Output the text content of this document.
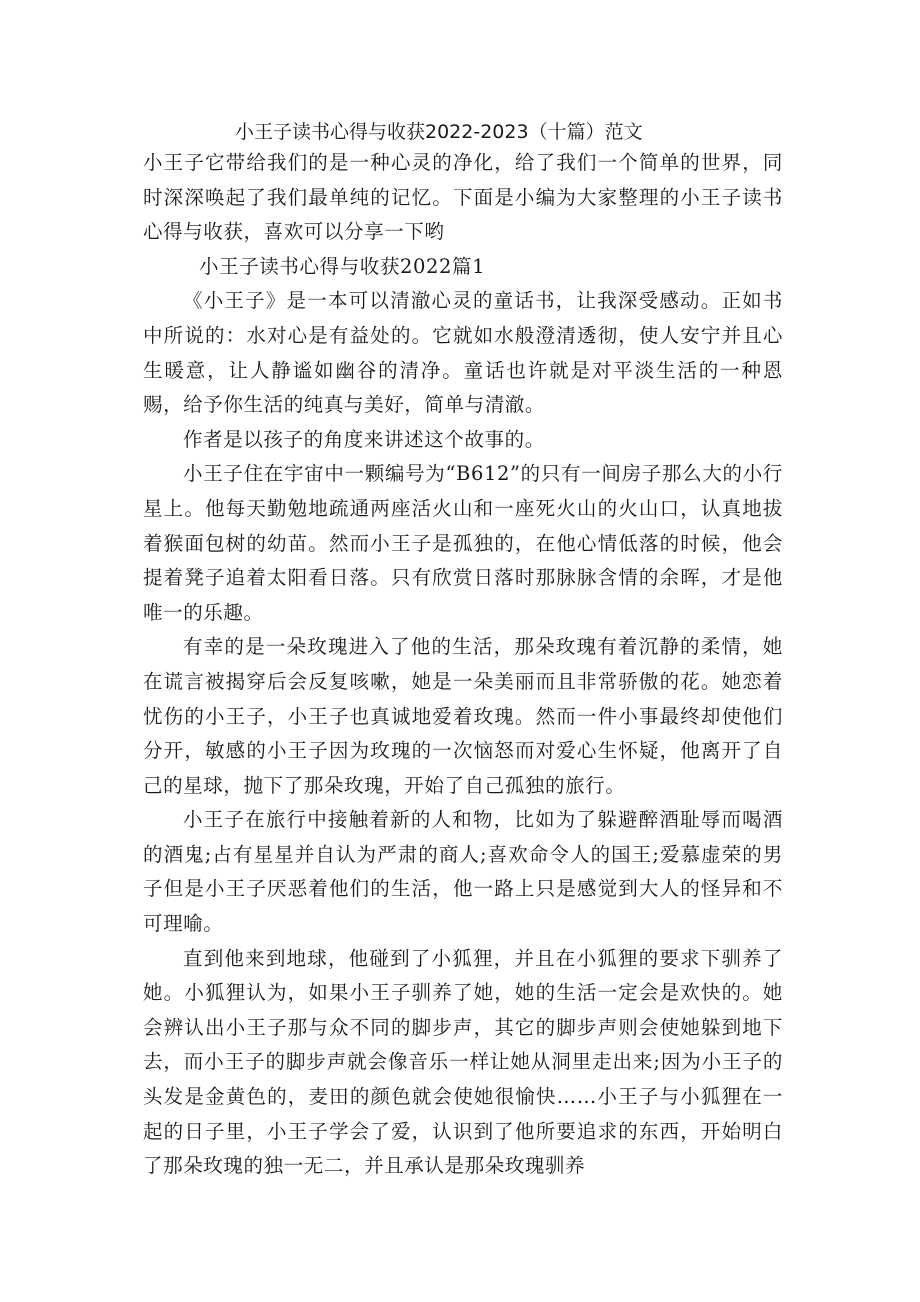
小王子读书心得与收获2022-2023（十篇）范文

小王子它带给我们的是一种心灵的净化，给了我们一个简单的世界，同时深深唤起了我们最单纯的记忆。下面是小编为大家整理的小王子读书心得与收获，喜欢可以分享一下哟

小王子读书心得与收获2022篇1

《小王子》是一本可以清澈心灵的童话书，让我深受感动。正如书中所说的：水对心是有益处的。它就如水般澄清透彻，使人安宁并且心生暖意，让人静谧如幽谷的清净。童话也许就是对平淡生活的一种恩赐，给予你生活的纯真与美好，简单与清澈。

作者是以孩子的角度来讲述这个故事的。

小王子住在宇宙中一颗编号为“B612”的只有一间房子那么大的小行星上。他每天勤勉地疏通两座活火山和一座死火山的火山口，认真地拔着猴面包树的幼苗。然而小王子是孤独的，在他心情低落的时候，他会提着凳子追着太阳看日落。只有欣赏日落时那脉脉含情的余晖，才是他唯一的乐趣。

有幸的是一朵玫瑰进入了他的生活，那朵玫瑰有着沉静的柔情，她在谎言被揭穿后会反复咳嗽，她是一朵美丽而且非常骄傲的花。她恋着忧伤的小王子，小王子也真诚地爱着玫瑰。然而一件小事最终却使他们分开，敏感的小王子因为玫瑰的一次恼怒而对爱心生怀疑，他离开了自己的星球，抛下了那朵玫瑰，开始了自己孤独的旅行。

小王子在旅行中接触着新的人和物，比如为了躲避醉酒耻辱而喝酒的酒鬼;占有星星并自认为严肃的商人;喜欢命令人的国王;爱慕虚荣的男子但是小王子厌恶着他们的生活，他一路上只是感觉到大人的怪异和不可理喻。

直到他来到地球，他碰到了小狐狸，并且在小狐狸的要求下驯养了她。小狐狸认为，如果小王子驯养了她，她的生活一定会是欢快的。她会辨认出小王子那与众不同的脚步声，其它的脚步声则会使她躲到地下去，而小王子的脚步声就会像音乐一样让她从洞里走出来;因为小王子的头发是金黄色的，麦田的颜色就会使她很愉快……小王子与小狐狸在一起的日子里，小王子学会了爱，认识到了他所要追求的东西，开始明白了那朵玫瑰的独一无二，并且承认是那朵玫瑰驯养
